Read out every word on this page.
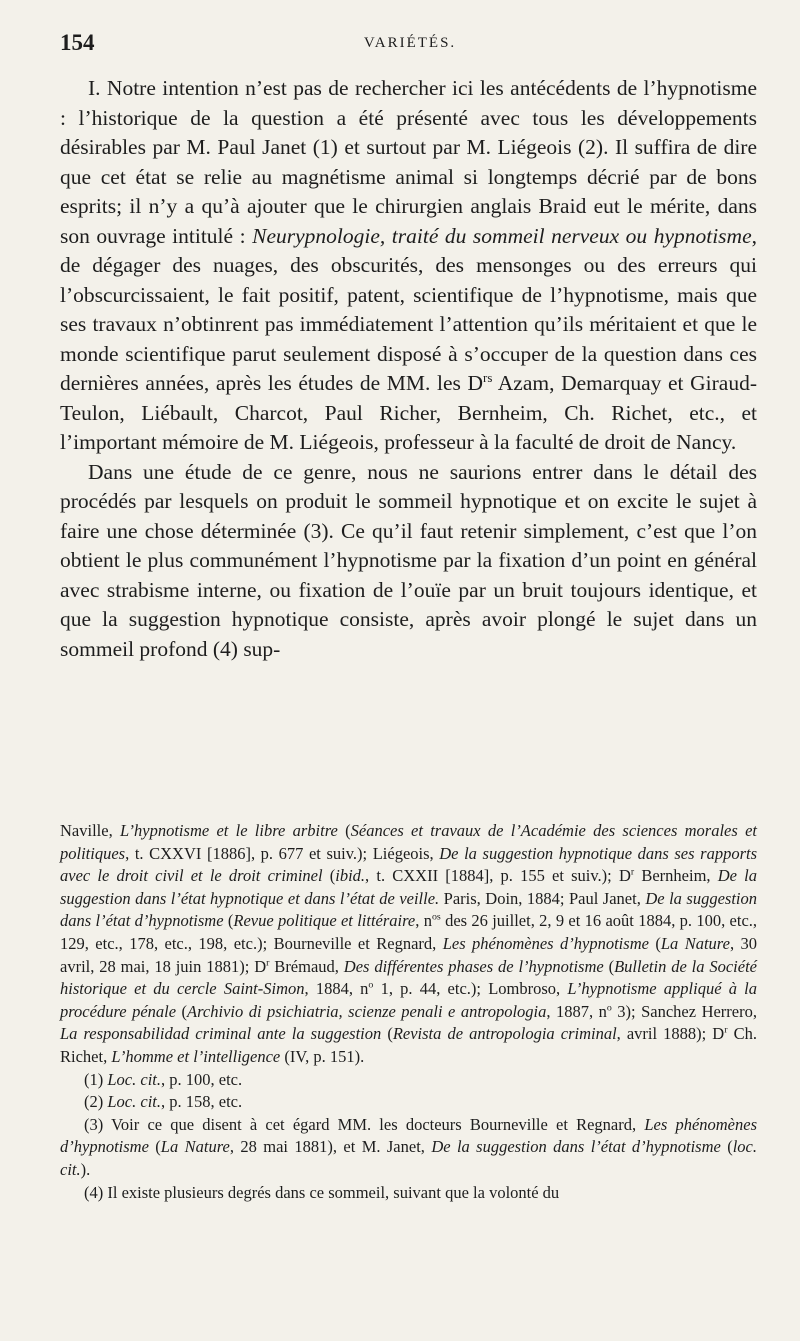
154	VARIÉTÉS.

I. Notre intention n’est pas de rechercher ici les antécédents de l’hypnotisme : l’historique de la question a été présenté avec tous les développements désirables par M. Paul Janet (1) et surtout par M. Liégeois (2). Il suffira de dire que cet état se relie au magnétisme animal si longtemps décrié par de bons esprits; il n’y a qu’à ajouter que le chirurgien anglais Braid eut le mérite, dans son ouvrage intitulé : Neurypnologie, traité du sommeil nerveux ou hypnotisme, de dégager des nuages, des obscurités, des mensonges ou des erreurs qui l’obscurcissaient, le fait positif, patent, scientifique de l’hypnotisme, mais que ses travaux n’obtinrent pas immédiatement l’attention qu’ils méritaient et que le monde scientifique parut seulement disposé à s’occuper de la question dans ces dernières années, après les études de MM. les $D^{rs}$ Azam, Demarquay et Giraud-Teulon, Liébault, Charcot, Paul Richer, Bernheim, Ch. Richet, etc., et l’important mémoire de M. Liégeois, professeur à la faculté de droit de Nancy.

Dans une étude de ce genre, nous ne saurions entrer dans le détail des procédés par lesquels on produit le sommeil hypnotique et on excite le sujet à faire une chose déterminée (3). Ce qu’il faut retenir simplement, c’est que l’on obtient le plus communément l’hypnotisme par la fixation d’un point en général avec strabisme interne, ou fixation de l’ouïe par un bruit toujours identique, et que la suggestion hypnotique consiste, après avoir plongé le sujet dans un sommeil profond (4) sup-

Naville, L’hypnotisme et le libre arbitre (Séances et travaux de l’Académie des sciences morales et politiques, t. CXXVI [1886], p. 677 et suiv.); Liégeois, De la suggestion hypnotique dans ses rapports avec le droit civil et le droit criminel (ibid., t. CXXII [1884], p. 155 et suiv.); $D^r$ Bernheim, De la suggestion dans l’état hypnotique et dans l’état de veille. Paris, Doin, 1884; Paul Janet, De la suggestion dans l’état d’hypnotisme (Revue politique et littéraire, $n^{os}$ des 26 juillet, 2, 9 et 16 août 1884, p. 100, etc., 129, etc., 178, etc., 198, etc.); Bourneville et Regnard, Les phénomènes d’hypnotisme (La Nature, 30 avril, 28 mai, 18 juin 1881); $D^r$ Brémaud, Des différentes phases de l’hypnotisme (Bulletin de la Société historique et du cercle Saint-Simon, 1884, $n^o$ 1, p. 44, etc.); Lombroso, L’hypnotisme appliqué à la procédure pénale (Archivio di psichiatria, scienze penali e antropologia, 1887, $n^o$ 3); Sanchez Herrero, La responsabilidad criminal ante la suggestion (Revista de antropologia criminal, avril 1888); $D^r$ Ch. Richet, L’homme et l’intelligence (IV, p. 151).

(1) Loc. cit., p. 100, etc.

(2) Loc. cit., p. 158, etc.

(3) Voir ce que disent à cet égard MM. les docteurs Bourneville et Regnard, Les phénomènes d’hypnotisme (La Nature, 28 mai 1881), et M. Janet, De la suggestion dans l’état d’hypnotisme (loc. cit.).

(4) Il existe plusieurs degrés dans ce sommeil, suivant que la volonté du
